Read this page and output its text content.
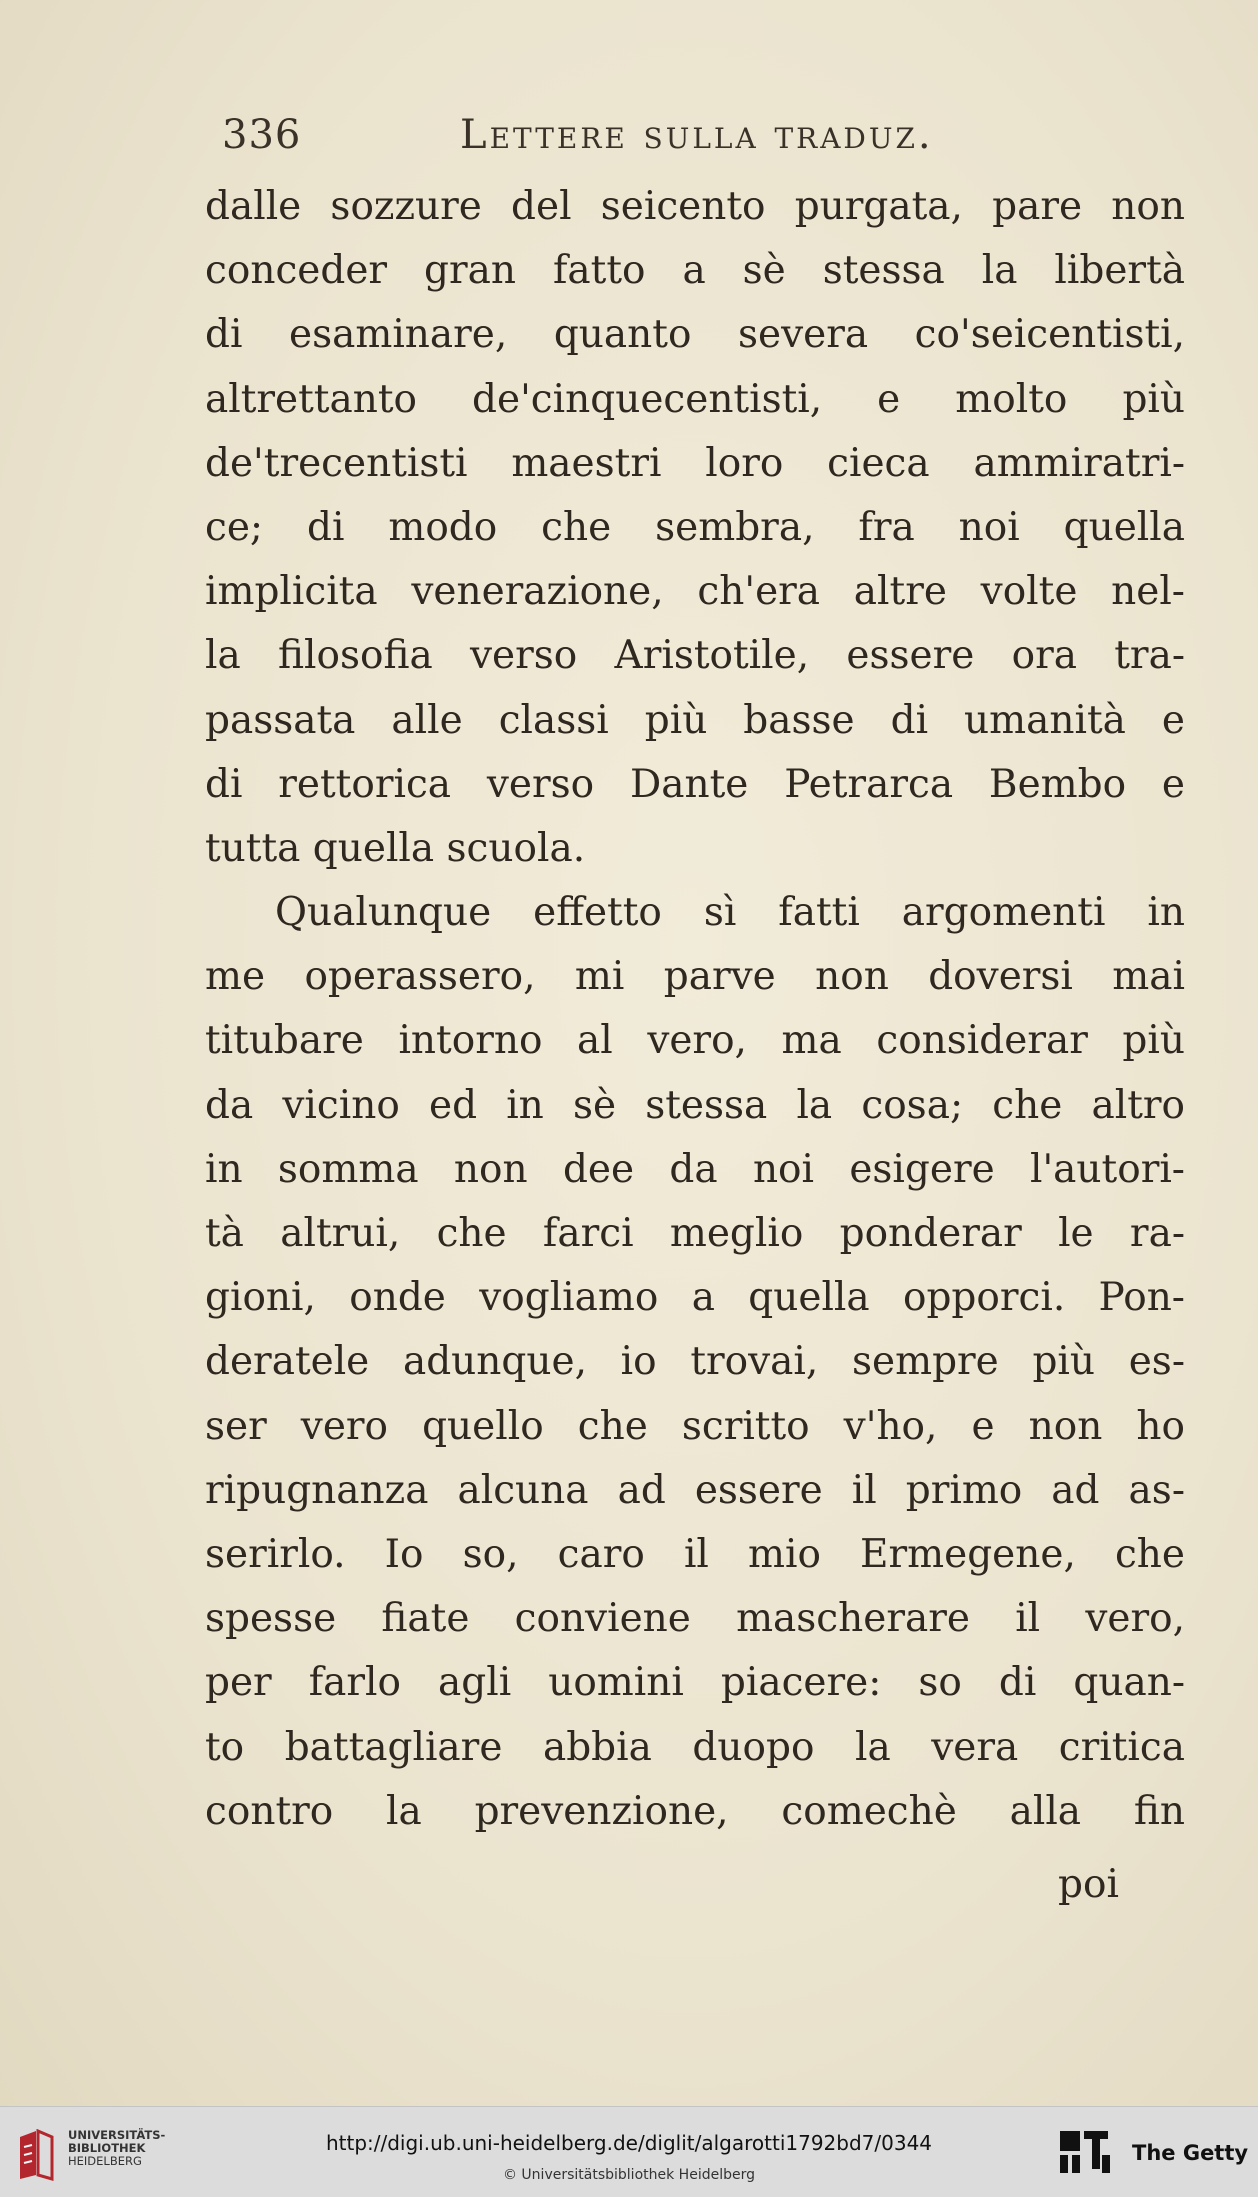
336	Lettere sulla traduz.
dalle sozzure del seicento purgata, pare non
conceder gran fatto a sè stessa la libertà
di esaminare, quanto severa co'seicentisti,
altrettanto de'cinquecentisti, e molto più
de'trecentisti maestri loro cieca ammiratri-
ce; di modo che sembra, fra noi quella
implicita venerazione, ch'era altre volte nel-
la filosofia verso Aristotile, essere ora tra-
passata alle classi più basse di umanità e
di rettorica verso Dante Petrarca Bembo e
tutta quella scuola.
Qualunque effetto sì fatti argomenti in
me operassero, mi parve non doversi mai
titubare intorno al vero, ma considerar più
da vicino ed in sè stessa la cosa; che altro
in somma non dee da noi esigere l'autori-
tà altrui, che farci meglio ponderar le ra-
gioni, onde vogliamo a quella opporci. Pon-
deratele adunque, io trovai, sempre più es-
ser vero quello che scritto v'ho, e non ho
ripugnanza alcuna ad essere il primo ad as-
serirlo. Io so, caro il mio Ermegene, che
spesse fiate conviene mascherare il vero,
per farlo agli uomini piacere: so di quan-
to battagliare abbia duopo la vera critica
contro la prevenzione, comechè alla fin
poi
UNIVERSITÄTS-
BIBLIOTHEK
HEIDELBERG
http://digi.ub.uni-heidelberg.de/diglit/algarotti1792bd7/0344
© Universitätsbibliothek Heidelberg
The Getty
